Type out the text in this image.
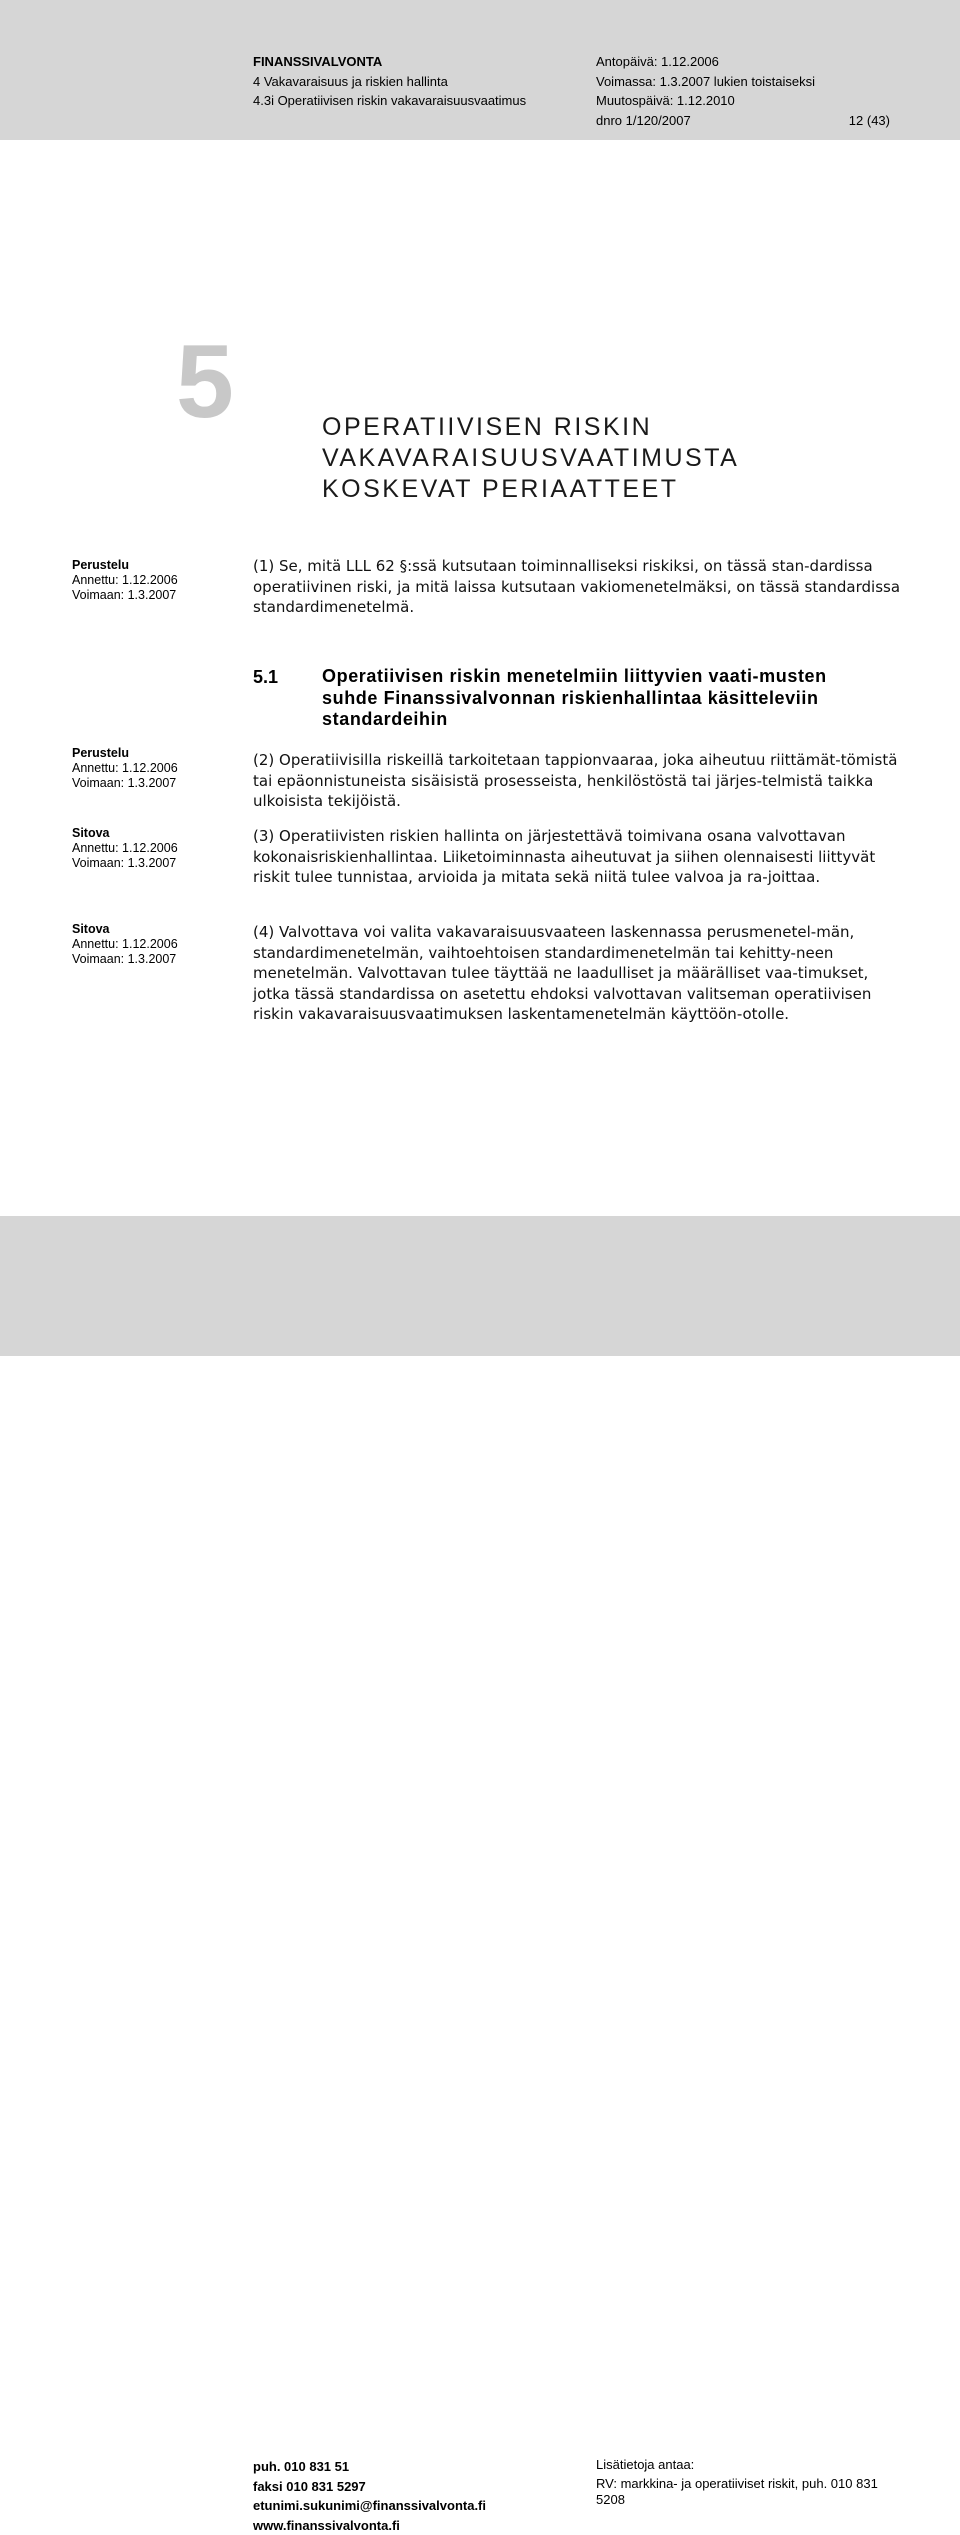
FINANSSIVALVONTA
4 Vakavaraisuus ja riskien hallinta
4.3i Operatiivisen riskin vakavaraisuusvaatimus
Antopäivä: 1.12.2006
Voimassa: 1.3.2007 lukien toistaiseksi
Muutospäivä: 1.12.2010
dnro 1/120/2007	12 (43)
5	OPERATIIVISEN RISKIN
VAKAVARAISUUSVAATIMUSTA
KOSKEVAT PERIAATTEET
Perustelu
Annettu: 1.12.2006
Voimaan: 1.3.2007
(1) Se, mitä LLL 62 §:ssä kutsutaan toiminnalliseksi riskiksi, on tässä stan-dardissa operatiivinen riski, ja mitä laissa kutsutaan vakiomenetelmäksi, on tässä standardissa standardimenetelmä.
5.1 Operatiivisen riskin menetelmiin liittyvien vaati-musten suhde Finanssivalvonnan riskienhallintaa käsitteleviin standardeihin
Perustelu
Annettu: 1.12.2006
Voimaan: 1.3.2007
(2) Operatiivisilla riskeillä tarkoitetaan tappionvaaraa, joka aiheutuu riittämät-tömistä tai epäonnistuneista sisäisistä prosesseista, henkilöstöstä tai järjes-telmistä taikka ulkoisista tekijöistä.
Sitova
Annettu: 1.12.2006
Voimaan: 1.3.2007
(3) Operatiivisten riskien hallinta on järjestettävä toimivana osana valvottavan kokonaisriskienhallintaa. Liiketoiminnasta aiheutuvat ja siihen olennaisesti liittyvät riskit tulee tunnistaa, arvioida ja mitata sekä niitä tulee valvoa ja ra-joittaa.
Sitova
Annettu: 1.12.2006
Voimaan: 1.3.2007
(4) Valvottava voi valita vakavaraisuusvaateen laskennassa perusmenetel-män, standardimenetelmän, vaihtoehtoisen standardimenetelmän tai kehitty-neen menetelmän. Valvottavan tulee täyttää ne laadulliset ja määrälliset vaa-timukset, jotka tässä standardissa on asetettu ehdoksi valvottavan valitseman operatiivisen riskin vakavaraisuusvaatimuksen laskentamenetelmän käyttöön-otolle.
puh. 010 831 51
faksi 010 831 5297
etunimi.sukunimi@finanssivalvonta.fi
www.finanssivalvonta.fi
Lisätietoja antaa:
RV: markkina- ja operatiiviset riskit, puh. 010 831 5208
